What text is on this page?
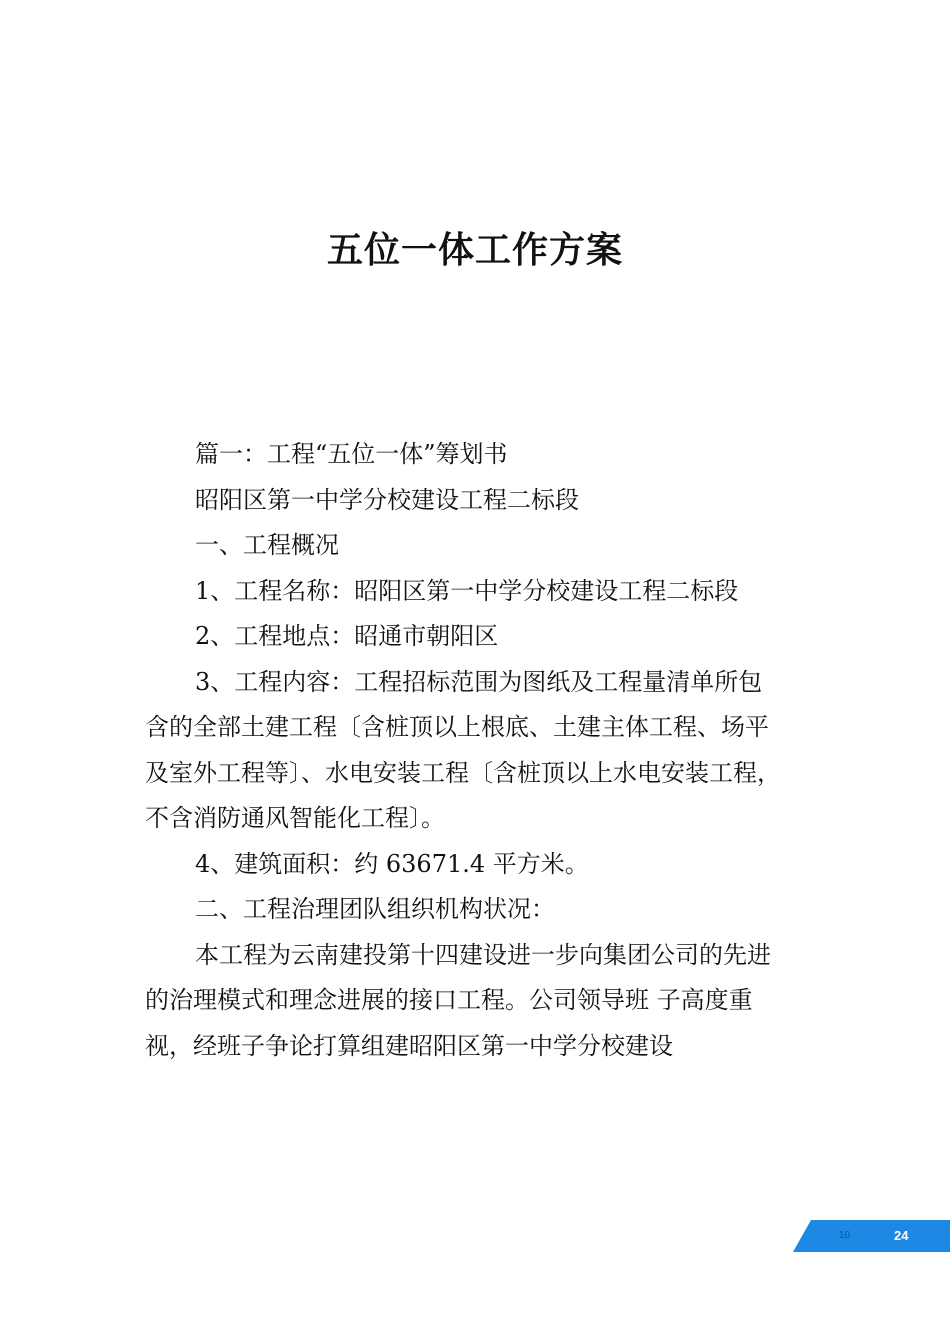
五位一体工作方案

篇一：工程“五位一体”筹划书

昭阳区第一中学分校建设工程二标段

一、工程概况

1、工程名称：昭阳区第一中学分校建设工程二标段

2、工程地点：昭通市朝阳区

3、工程内容：工程招标范围为图纸及工程量清单所包

含的全部土建工程〔含桩顶以上根底、土建主体工程、场平

及室外工程等〕、水电安装工程〔含桩顶以上水电安装工程，

不含消防通风智能化工程〕。

4、建筑面积：约 63671.4 平方米。

二、工程治理团队组织机构状况：

本工程为云南建投第十四建设进一步向集团公司的先进

的治理模式和理念进展的接口工程。公司领导班 子高度重

视，经班子争论打算组建昭阳区第一中学分校建设

10	24
